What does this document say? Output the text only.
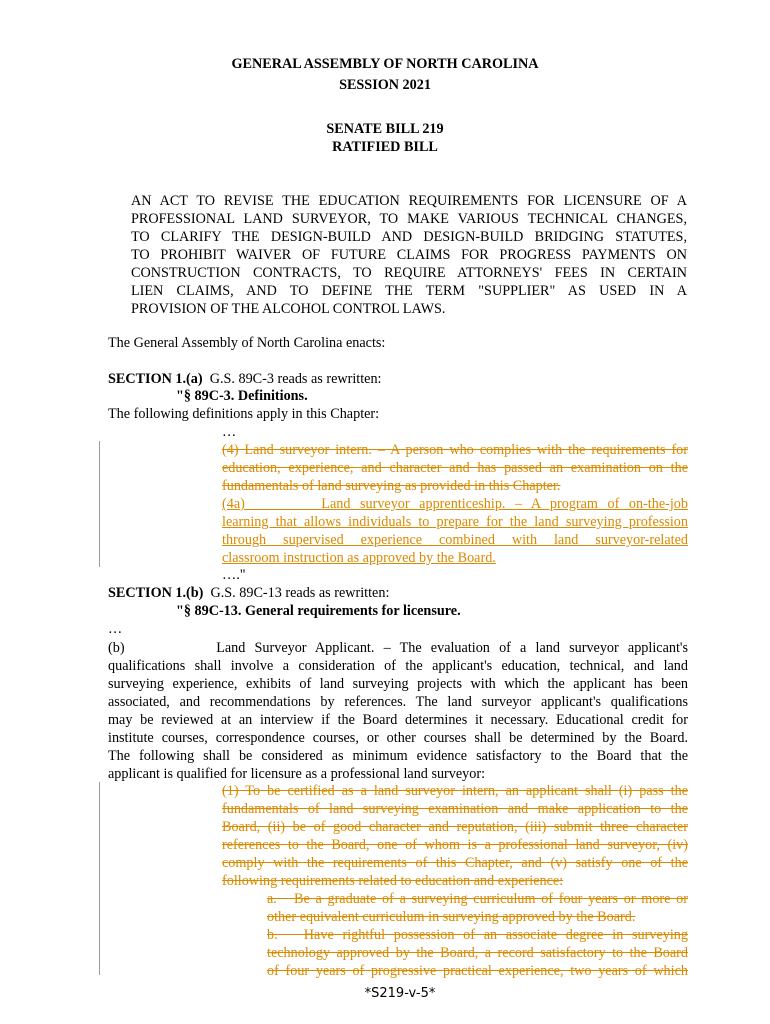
GENERAL ASSEMBLY OF NORTH CAROLINA
SESSION 2021
SENATE BILL 219
RATIFIED BILL

AN ACT TO REVISE THE EDUCATION REQUIREMENTS FOR LICENSURE OF A

PROFESSIONAL LAND SURVEYOR, TO MAKE VARIOUS TECHNICAL CHANGES,

TO CLARIFY THE DESIGN-BUILD AND DESIGN-BUILD BRIDGING STATUTES,

TO PROHIBIT WAIVER OF FUTURE CLAIMS FOR PROGRESS PAYMENTS ON

CONSTRUCTION CONTRACTS, TO REQUIRE ATTORNEYS' FEES IN CERTAIN

LIEN CLAIMS, AND TO DEFINE THE TERM "SUPPLIER" AS USED IN A

PROVISION OF THE ALCOHOL CONTROL LAWS.

The General Assembly of North Carolina enacts:
SECTION 1.(a) G.S. 89C-3 reads as rewritten:
"§ 89C-3. Definitions.
The following definitions apply in this Chapter:
…

(4) Land surveyor intern. – A person who complies with the requirements for

education, experience, and character and has passed an examination on the

fundamentals of land surveying as provided in this Chapter.

(4a)        Land surveyor apprenticeship. – A program of on-the-job

learning that allows individuals to prepare for the land surveying profession

through supervised experience combined with land surveyor-related

classroom instruction as approved by the Board.

…."
SECTION 1.(b) G.S. 89C-13 reads as rewritten:
"§ 89C-13. General requirements for licensure.
…

(b)          Land Surveyor Applicant. – The evaluation of a land surveyor applicant's

qualifications shall involve a consideration of the applicant's education, technical, and land

surveying experience, exhibits of land surveying projects with which the applicant has been

associated, and recommendations by references. The land surveyor applicant's qualifications

may be reviewed at an interview if the Board determines it necessary. Educational credit for

institute courses, correspondence courses, or other courses shall be determined by the Board.

The following shall be considered as minimum evidence satisfactory to the Board that the

applicant is qualified for licensure as a professional land surveyor:

(1) To be certified as a land surveyor intern, an applicant shall (i) pass the

fundamentals of land surveying examination and make application to the

Board, (ii) be of good character and reputation, (iii) submit three character

references to the Board, one of whom is a professional land surveyor, (iv)

comply with the requirements of this Chapter, and (v) satisfy one of the

following requirements related to education and experience:

a.   Be a graduate of a surveying curriculum of four years or more or

other equivalent curriculum in surveying approved by the Board.

b.   Have rightful possession of an associate degree in surveying

technology approved by the Board, a record satisfactory to the Board

of four years of progressive practical experience, two years of which

*S219-v-5*
